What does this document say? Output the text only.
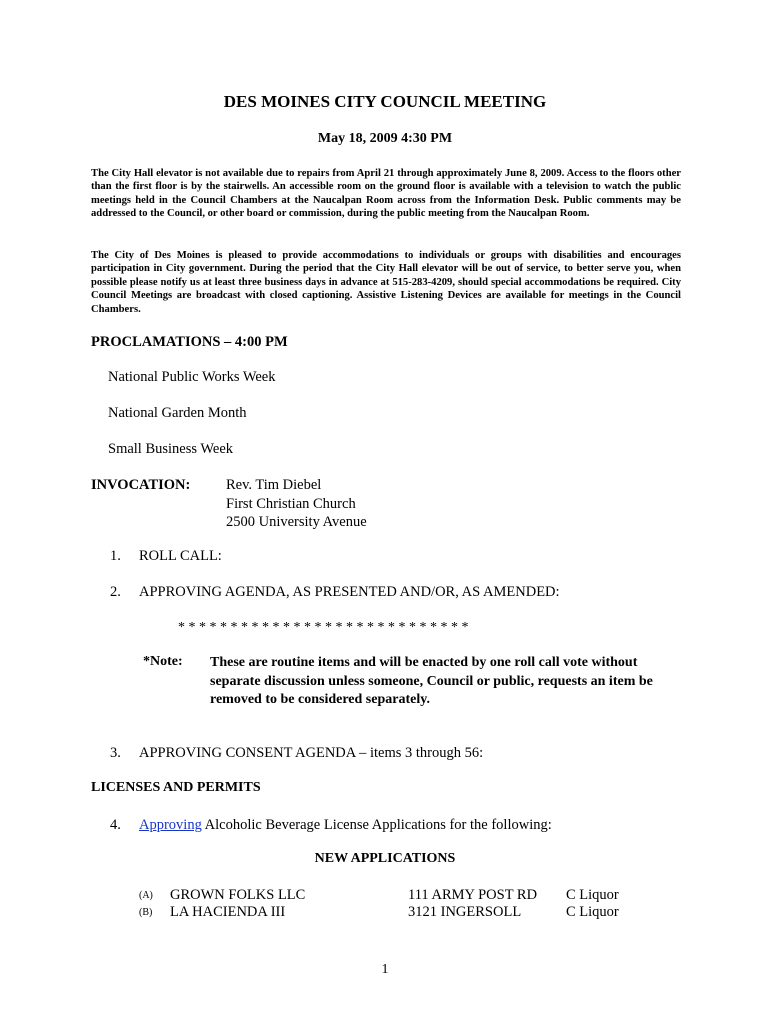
DES MOINES CITY COUNCIL MEETING
May 18, 2009 4:30 PM
The City Hall elevator is not available due to repairs from April 21 through approximately June 8, 2009. Access to the floors other than the first floor is by the stairwells. An accessible room on the ground floor is available with a television to watch the public meetings held in the Council Chambers at the Naucalpan Room across from the Information Desk. Public comments may be addressed to the Council, or other board or commission, during the public meeting from the Naucalpan Room.
The City of Des Moines is pleased to provide accommodations to individuals or groups with disabilities and encourages participation in City government. During the period that the City Hall elevator will be out of service, to better serve you, when possible please notify us at least three business days in advance at 515-283-4209, should special accommodations be required. City Council Meetings are broadcast with closed captioning. Assistive Listening Devices are available for meetings in the Council Chambers.
PROCLAMATIONS – 4:00 PM
National Public Works Week
National Garden Month
Small Business Week
INVOCATION: Rev. Tim Diebel
First Christian Church
2500 University Avenue
1. ROLL CALL:
2. APPROVING AGENDA, AS PRESENTED AND/OR, AS AMENDED:
* * * * * * * * * * * * * * * * * * * * * * * * * * * *
*Note: These are routine items and will be enacted by one roll call vote without separate discussion unless someone, Council or public, requests an item be removed to be considered separately.
3. APPROVING CONSENT AGENDA – items 3 through 56:
LICENSES AND PERMITS
4. Approving Alcoholic Beverage License Applications for the following:
NEW APPLICATIONS
(A) GROWN FOLKS LLC	111 ARMY POST RD C Liquor
(B) LA HACIENDA III	3121 INGERSOLL	C Liquor
1
